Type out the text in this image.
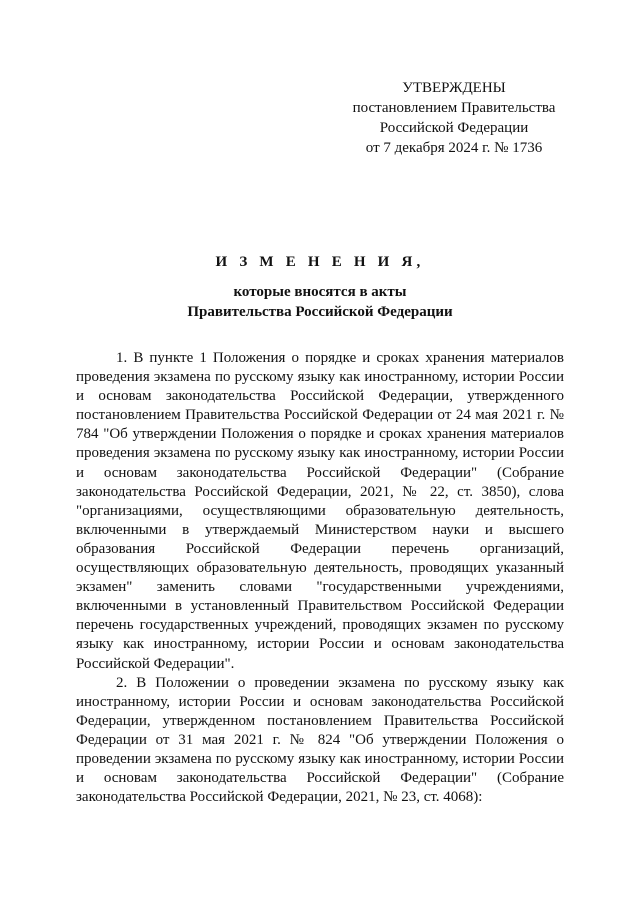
УТВЕРЖДЕНЫ
постановлением Правительства
Российской Федерации
от 7 декабря 2024 г. № 1736
И З М Е Н Е Н И Я,
которые вносятся в акты
Правительства Российской Федерации

1. В пункте 1 Положения о порядке и сроках хранения материалов проведения экзамена по русскому языку как иностранному, истории России и основам законодательства Российской Федерации, утвержденного постановлением Правительства Российской Федерации от 24 мая 2021 г. № 784 "Об утверждении Положения о порядке и сроках хранения материалов проведения экзамена по русскому языку как иностранному, истории России и основам законодательства Российской Федерации" (Собрание законодательства Российской Федерации, 2021, № 22, ст. 3850), слова "организациями, осуществляющими образовательную деятельность, включенными в утверждаемый Министерством науки и высшего образования Российской Федерации перечень организаций, осуществляющих образовательную деятельность, проводящих указанный экзамен" заменить словами "государственными учреждениями, включенными в установленный Правительством Российской Федерации перечень государственных учреждений, проводящих экзамен по русскому языку как иностранному, истории России и основам законодательства Российской Федерации".

2. В Положении о проведении экзамена по русскому языку как иностранному, истории России и основам законодательства Российской Федерации, утвержденном постановлением Правительства Российской Федерации от 31 мая 2021 г. № 824 "Об утверждении Положения о проведении экзамена по русскому языку как иностранному, истории России и основам законодательства Российской Федерации" (Собрание законодательства Российской Федерации, 2021, № 23, ст. 4068):
